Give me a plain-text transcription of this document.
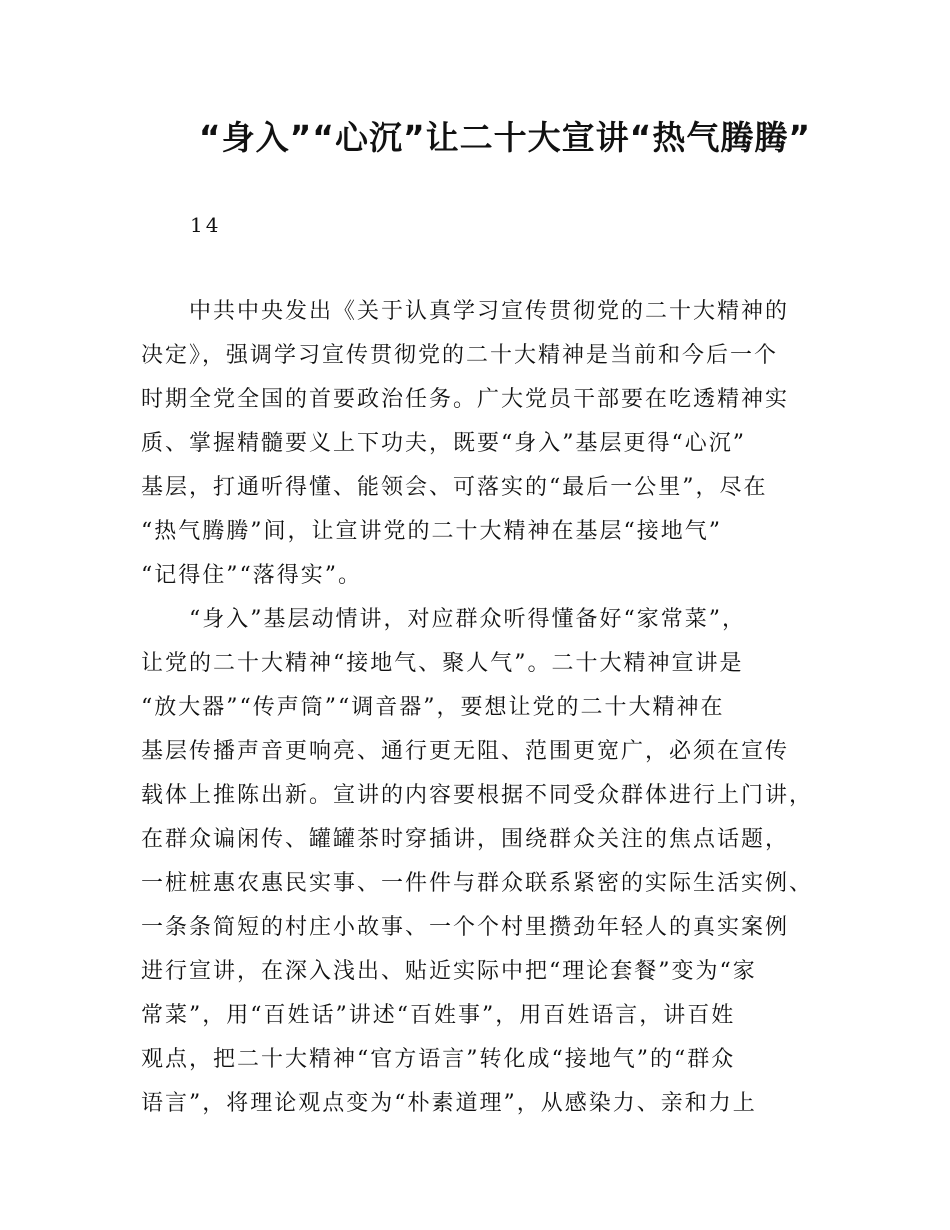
“身入”“心沉”让二十大宣讲“热气腾腾”
14
中共中央发出《关于认真学习宣传贯彻党的二十大精神的
决定》，强调学习宣传贯彻党的二十大精神是当前和今后一个
时期全党全国的首要政治任务。广大党员干部要在吃透精神实
质、掌握精髓要义上下功夫，既要“身入”基层更得“心沉”
基层，打通听得懂、能领会、可落实的“最后一公里”，尽在
“热气腾腾”间，让宣讲党的二十大精神在基层“接地气”
“记得住”“落得实”。
“身入”基层动情讲，对应群众听得懂备好“家常菜”，
让党的二十大精神“接地气、聚人气”。二十大精神宣讲是
“放大器”“传声筒”“调音器”，要想让党的二十大精神在
基层传播声音更响亮、通行更无阻、范围更宽广，必须在宣传
载体上推陈出新。宣讲的内容要根据不同受众群体进行上门讲，
在群众谝闲传、罐罐茶时穿插讲，围绕群众关注的焦点话题，
一桩桩惠农惠民实事、一件件与群众联系紧密的实际生活实例、
一条条简短的村庄小故事、一个个村里攒劲年轻人的真实案例
进行宣讲，在深入浅出、贴近实际中把“理论套餐”变为“家
常菜”，用“百姓话”讲述“百姓事”，用百姓语言，讲百姓
观点，把二十大精神“官方语言”转化成“接地气”的“群众
语言”，将理论观点变为“朴素道理”，从感染力、亲和力上
